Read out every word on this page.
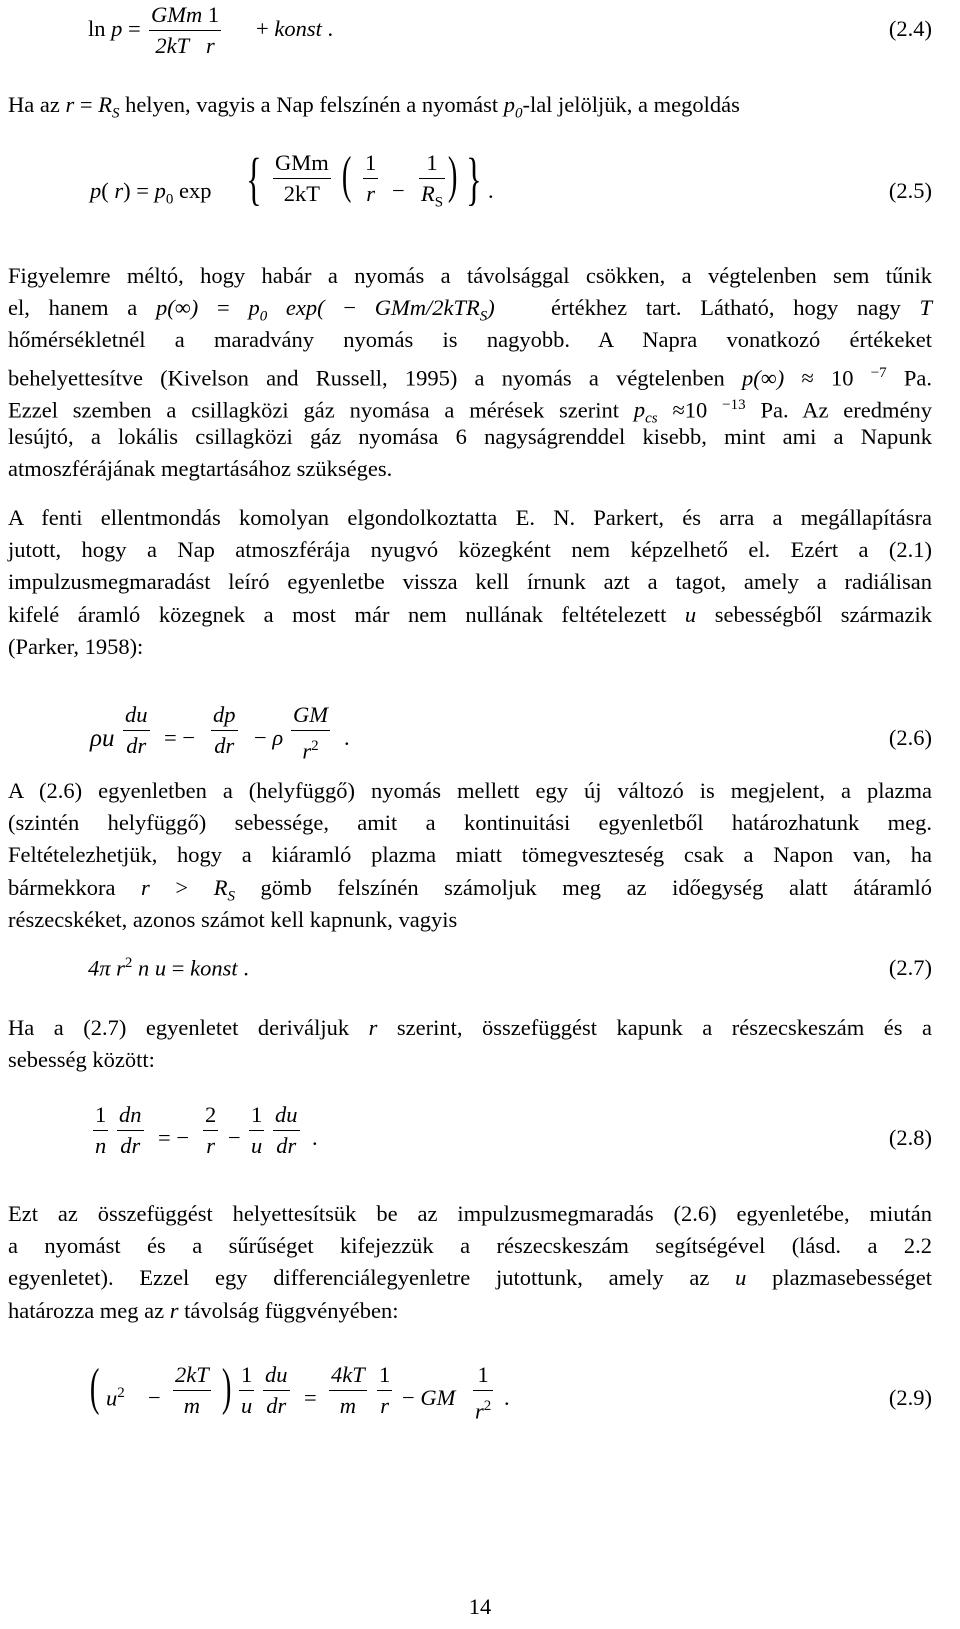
ln p =
GMm 1
2kT r
+ konst .	(2.4)
Ha az $r = R_S$ helyen, vagyis a Nap felszínén a nyomást $p_0$-lal jelöljük, a megoldás
p( $r) = p_0$ exp { GMm
2kT ( $\frac{1}{r} - \frac{1}{R_S}$ ) } .	(2.5)
Figyelemre méltó, hogy habár a nyomás a távolsággal csökken, a végtelenben sem tűnik
el, hanem a $p(\infty) = p_0$ exp( − GMm/2kTR$_S$)   értékhez tart. Látható, hogy nagy T
hőmérsékletnél a maradvány nyomás is nagyobb. A Napra vonatkozó értékeket
behelyettesítve (Kivelson and Russell, 1995) a nyomás a végtelenben p(∞) ≈ 10 $^{-7}$ Pa.
Ezzel szemben a csillagközi gáz nyomása a mérések szerint $p_{cs} \approx 10$ $^{-13}$ Pa. Az eredmény
lesújtó, a lokális csillagközi gáz nyomása 6 nagyságrenddel kisebb, mint ami a Napunk
atmoszférájának megtartásához szükséges.
A fenti ellentmondás komolyan elgondolkoztatta E. N. Parkert, és arra a megállapításra
jutott, hogy a Nap atmoszférája nyugvó közegként nem képzelhető el. Ezért a (2.1)
impulzusmegmaradást leíró egyenletbe vissza kell írnunk azt a tagot, amely a radiálisan
kifelé áramló közegnek a most már nem nullának feltételezett u sebességből származik
(Parker, 1958):
ρu $\frac{du}{dr}$ = − $\frac{dp}{dr} - \rho \frac{GM}{r^2}$ .	(2.6)
A (2.6) egyenletben a (helyfüggő) nyomás mellett egy új változó is megjelent, a plazma
(szintén helyfüggő) sebessége, amit a kontinuitási egyenletből határozhatunk meg.
Feltételezhetjük, hogy a kiáramló plazma miatt tömegveszteség csak a Napon van, ha
bármekkora $r > R_S$ gömb felszínén számoljuk meg az időegység alatt átáramló
részecskéket, azonos számot kell kapnunk, vagyis
4π $r^2$ n u = konst .	(2.7)
Ha a (2.7) egyenletet deriváljuk r szerint, összefüggést kapunk a részecskeszám és a
sebesség között:
$\frac{1}{n} \frac{dn}{dr}$ = − $\frac{2}{r} - \frac{1}{u} \frac{du}{dr}$ .	(2.8)
Ezt az összefüggést helyettesítsük be az impulzusmegmaradás (2.6) egyenletébe, miután
a nyomást és a sűrűséget kifejezzük a részecskeszám segítségével (lásd. a 2.2
egyenletet). Ezzel egy differenciálegyenletre jutottunk, amely az u plazmasebességet
határozza meg az r távolság függvényében:
( $u^2 - \frac{2kT}{m}$ ) $\frac{1}{u} \frac{du}{dr} = \frac{4kT}{m} \frac{1}{r}$ − GM $\frac{1}{r^2}$ .	(2.9)
14
